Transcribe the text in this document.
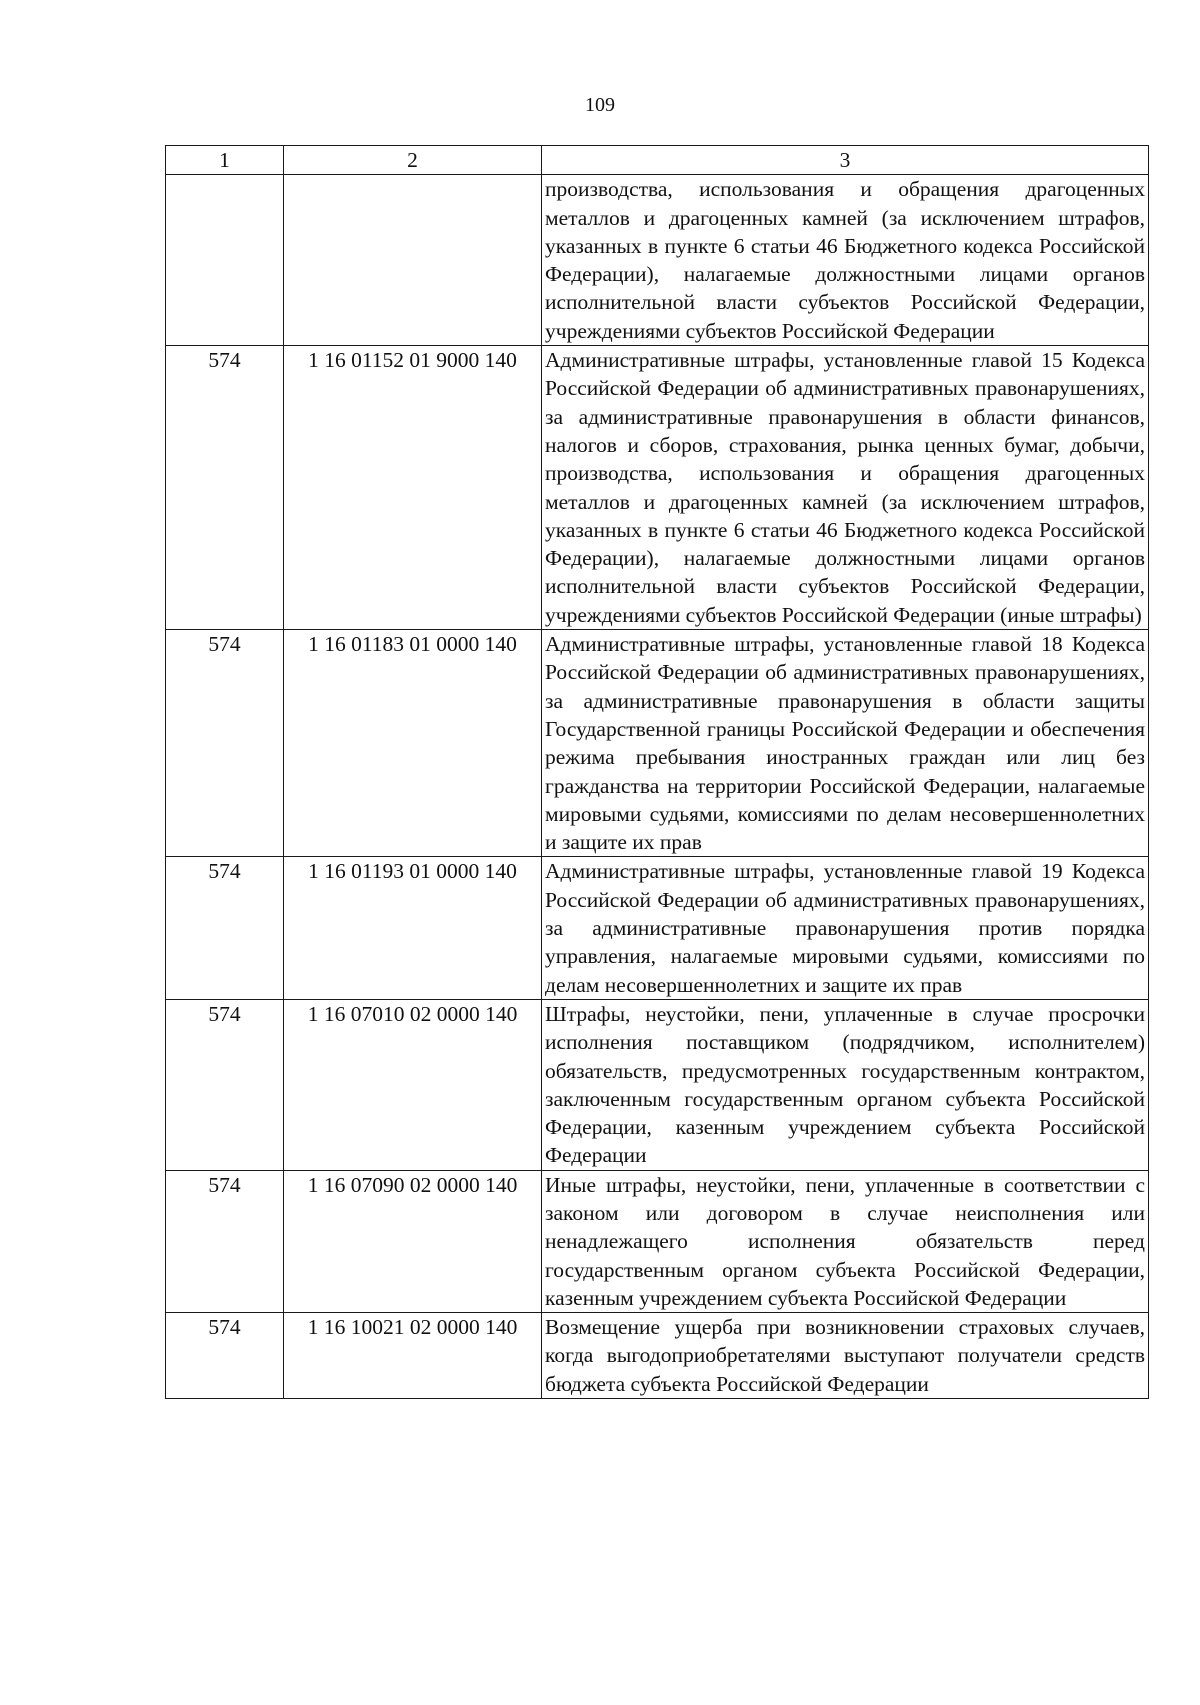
109
1	2	3
		производства, использования и обращения драгоценных металлов и драгоценных камней (за исключением штрафов, указанных в пункте 6 статьи 46 Бюджетного кодекса Российской Федерации), налагаемые должностными лицами органов исполнительной власти субъектов Российской Федерации, учреждениями субъектов Российской Федерации
574	1 16 01152 01 9000 140	Административные штрафы, установленные главой 15 Кодекса Российской Федерации об административных правонарушениях, за административные правонарушения в области финансов, налогов и сборов, страхования, рынка ценных бумаг, добычи, производства, использования и обращения драгоценных металлов и драгоценных камней (за исключением штрафов, указанных в пункте 6 статьи 46 Бюджетного кодекса Российской Федерации), налагаемые должностными лицами органов исполнительной власти субъектов Российской Федерации, учреждениями субъектов Российской Федерации (иные штрафы)
574	1 16 01183 01 0000 140	Административные штрафы, установленные главой 18 Кодекса Российской Федерации об административных правонарушениях, за административные правонарушения в области защиты Государственной границы Российской Федерации и обеспечения режима пребывания иностранных граждан или лиц без гражданства на территории Российской Федерации, налагаемые мировыми судьями, комиссиями по делам несовершеннолетних и защите их прав
574	1 16 01193 01 0000 140	Административные штрафы, установленные главой 19 Кодекса Российской Федерации об административных правонарушениях, за административные правонарушения против порядка управления, налагаемые мировыми судьями, комиссиями по делам несовершеннолетних и защите их прав
574	1 16 07010 02 0000 140	Штрафы, неустойки, пени, уплаченные в случае просрочки исполнения поставщиком (подрядчиком, исполнителем) обязательств, предусмотренных государственным контрактом, заключенным государственным органом субъекта Российской Федерации, казенным учреждением субъекта Российской Федерации
574	1 16 07090 02 0000 140	Иные штрафы, неустойки, пени, уплаченные в соответствии с законом или договором в случае неисполнения или ненадлежащего исполнения обязательств перед государственным органом субъекта Российской Федерации, казенным учреждением субъекта Российской Федерации
574	1 16 10021 02 0000 140	Возмещение ущерба при возникновении страховых случаев, когда выгодоприобретателями выступают получатели средств бюджета субъекта Российской Федерации
